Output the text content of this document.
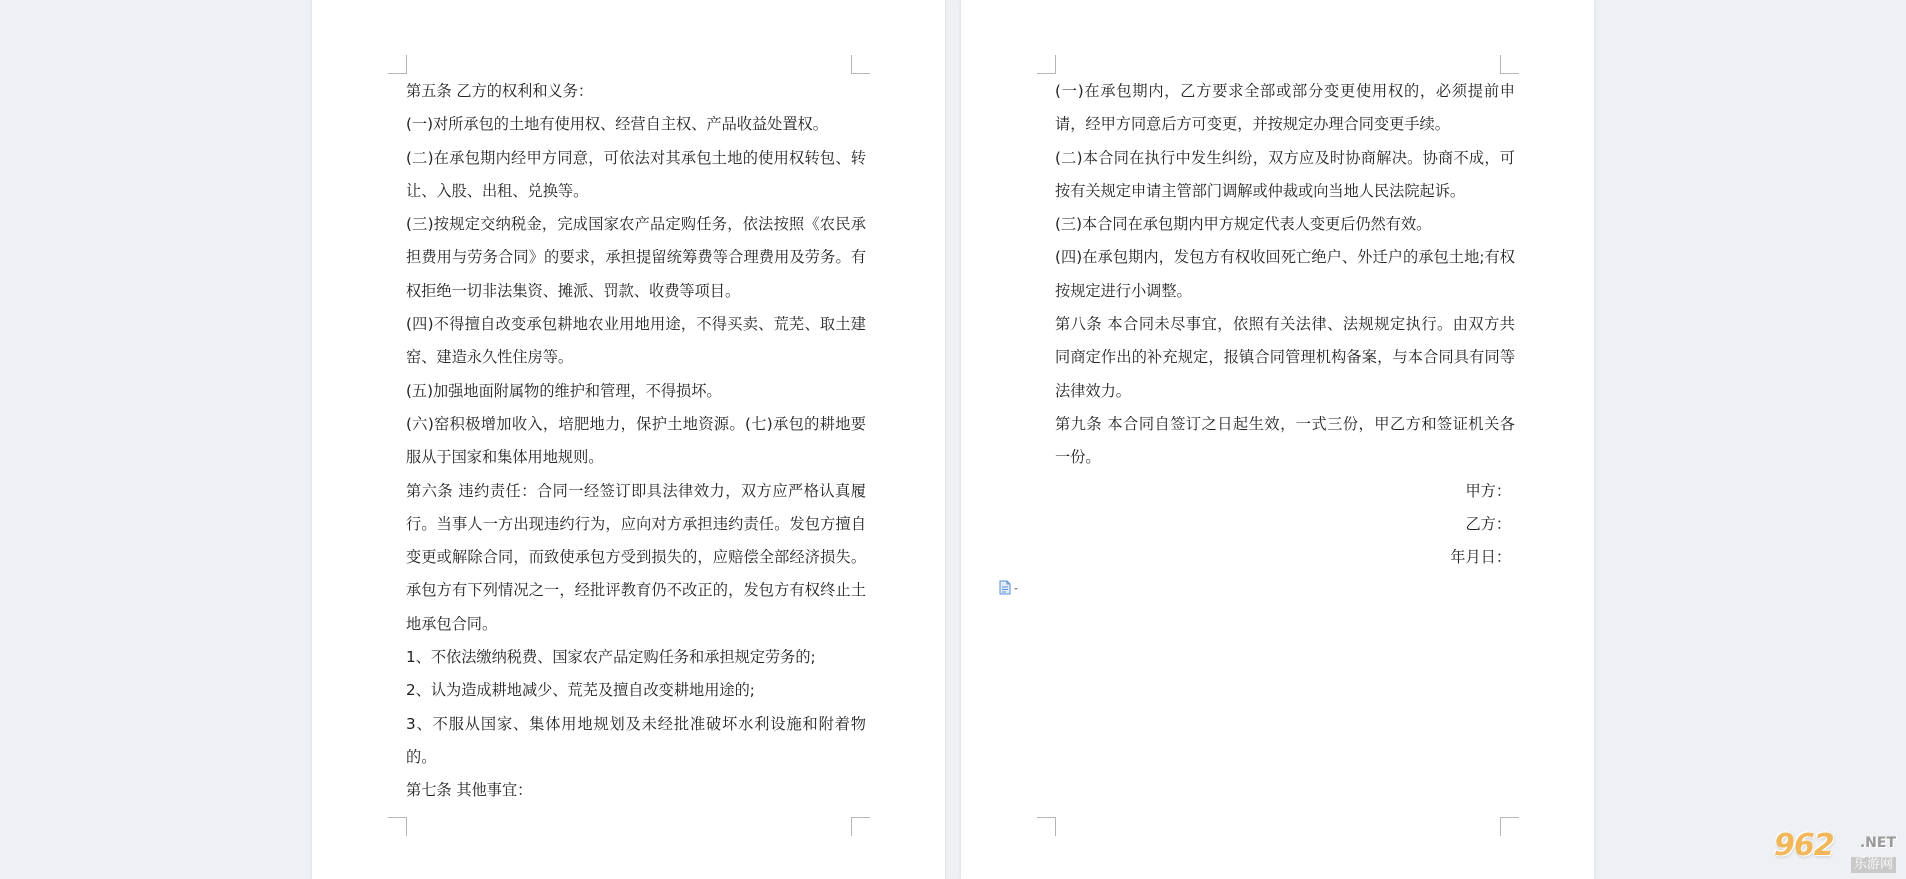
第五条 乙方的权利和义务：

(一)对所承包的土地有使用权、经营自主权、产品收益处置权。

(二)在承包期内经甲方同意，可依法对其承包土地的使用权转包、转让、入股、出租、兑换等。

(三)按规定交纳税金，完成国家农产品定购任务，依法按照《农民承担费用与劳务合同》的要求，承担提留统筹费等合理费用及劳务。有权拒绝一切非法集资、摊派、罚款、收费等项目。

(四)不得擅自改变承包耕地农业用地用途，不得买卖、荒芜、取土建窑、建造永久性住房等。

(五)加强地面附属物的维护和管理，不得损坏。

(六)窑积极增加收入，培肥地力，保护土地资源。(七)承包的耕地要服从于国家和集体用地规则。

第六条 违约责任：合同一经签订即具法律效力，双方应严格认真履行。当事人一方出现违约行为，应向对方承担违约责任。发包方擅自变更或解除合同，而致使承包方受到损失的，应赔偿全部经济损失。承包方有下列情况之一，经批评教育仍不改正的，发包方有权终止土地承包合同。

1、不依法缴纳税费、国家农产品定购任务和承担规定劳务的;

2、认为造成耕地减少、荒芜及擅自改变耕地用途的;

3、不服从国家、集体用地规划及未经批准破坏水利设施和附着物的。

第七条 其他事宜：

(一)在承包期内，乙方要求全部或部分变更使用权的，必须提前申请，经甲方同意后方可变更，并按规定办理合同变更手续。

(二)本合同在执行中发生纠纷，双方应及时协商解决。协商不成，可按有关规定申请主管部门调解或仲裁或向当地人民法院起诉。

(三)本合同在承包期内甲方规定代表人变更后仍然有效。

(四)在承包期内，发包方有权收回死亡绝户、外迁户的承包土地;有权按规定进行小调整。

第八条 本合同未尽事宜，依照有关法律、法规规定执行。由双方共同商定作出的补充规定，报镇合同管理机构备案，与本合同具有同等法律效力。

第九条 本合同自签订之日起生效，一式三份，甲乙方和签证机关各一份。

甲方：

乙方：

年月日：

962 .NET
乐游网
